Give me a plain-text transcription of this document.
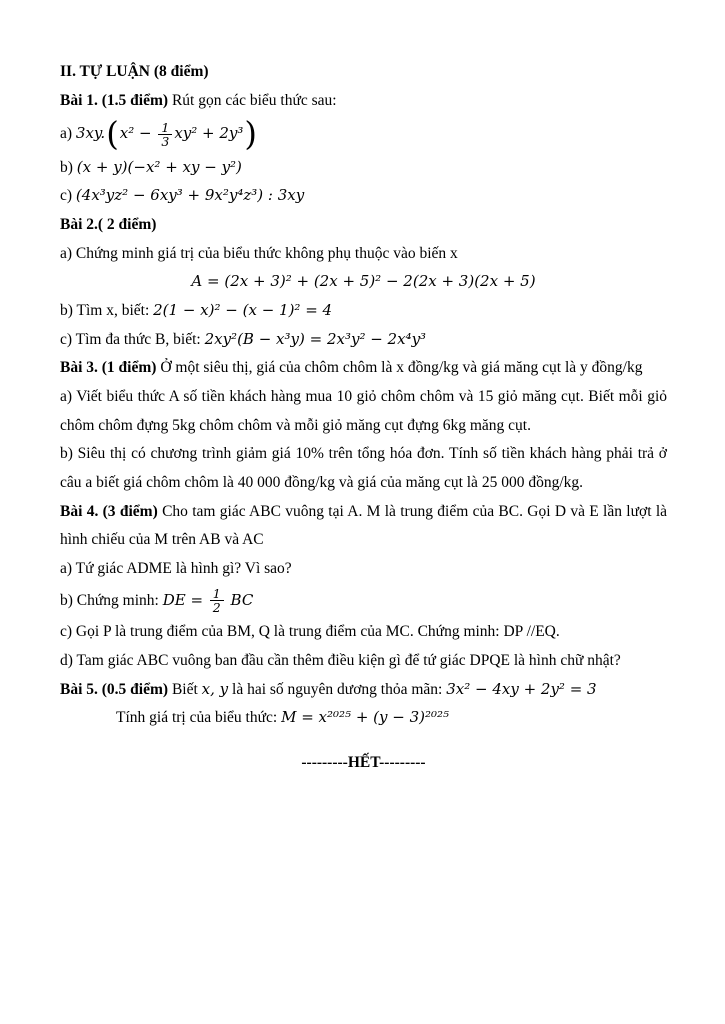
II. TỰ LUẬN (8 điểm)

Bài 1. (1.5 điểm) Rút gọn các biểu thức sau:

a) $3xy.(x^2 - \frac{1}{3} xy^2 + 2y^3)$

b) (x + y)(−x² + xy − y²)

c) (4x³yz² − 6xy³ + 9x²y⁴z³) : 3xy

Bài 2.( 2 điểm)

a) Chứng minh giá trị của biểu thức không phụ thuộc vào biến x

A = (2x + 3)² + (2x + 5)² − 2(2x + 3)(2x + 5)

b) Tìm x, biết: 2(1 − x)² − (x − 1)² = 4

c) Tìm đa thức B, biết: 2xy²(B − x³y) = 2x³y² − 2x⁴y³

Bài 3. (1 điểm) Ở một siêu thị, giá của chôm chôm là x đồng/kg và giá măng cụt là y đồng/kg

a) Viết biểu thức A số tiền khách hàng mua 10 giỏ chôm chôm và 15 giỏ măng cụt. Biết mỗi giỏ chôm chôm đựng 5kg chôm chôm và mỗi giỏ măng cụt đựng 6kg măng cụt.

b) Siêu thị có chương trình giảm giá 10% trên tổng hóa đơn. Tính số tiền khách hàng phải trả ở câu a biết giá chôm chôm là 40 000 đồng/kg và giá của măng cụt là 25 000 đồng/kg.

Bài 4. (3 điểm) Cho tam giác ABC vuông tại A. M là trung điểm của BC. Gọi D và E lần lượt là hình chiếu của M trên AB và AC

a) Tứ giác ADME là hình gì? Vì sao?

b) Chứng minh: DE = $\frac{1}{2}$ BC

c) Gọi P là trung điểm của BM, Q là trung điểm của MC. Chứng minh: DP //EQ.

d) Tam giác ABC vuông ban đầu cần thêm điều kiện gì để tứ giác DPQE là hình chữ nhật?

Bài 5. (0.5 điểm) Biết x, y là hai số nguyên dương thỏa mãn: 3x² − 4xy + 2y² = 3

Tính giá trị của biểu thức: M = x²⁰²⁵ + (y − 3)²⁰²⁵

---------HẾT---------
